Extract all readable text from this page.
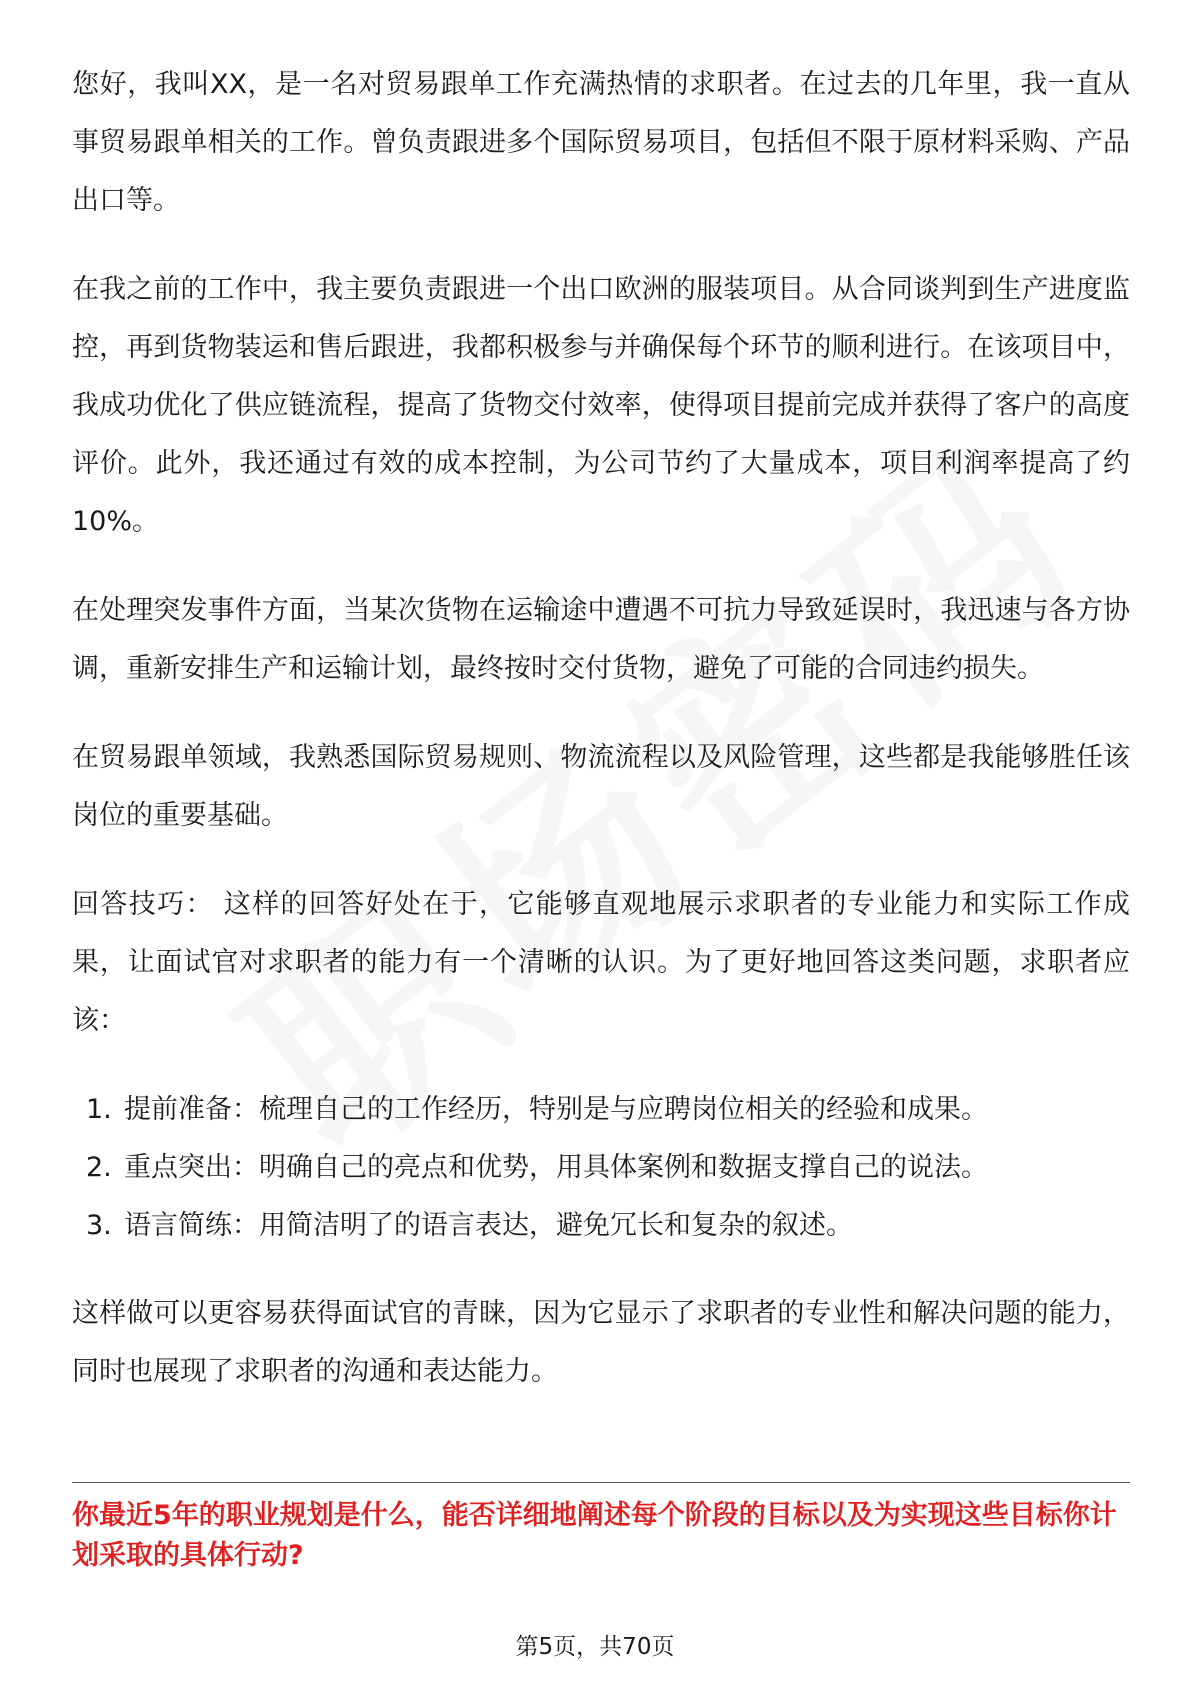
您好，我叫XX，是一名对贸易跟单工作充满热情的求职者。在过去的几年里，我一直从事贸易跟单相关的工作。曾负责跟进多个国际贸易项目，包括但不限于原材料采购、产品出口等。

在我之前的工作中，我主要负责跟进一个出口欧洲的服装项目。从合同谈判到生产进度监控，再到货物装运和售后跟进，我都积极参与并确保每个环节的顺利进行。在该项目中，我成功优化了供应链流程，提高了货物交付效率，使得项目提前完成并获得了客户的高度评价。此外，我还通过有效的成本控制，为公司节约了大量成本，项目利润率提高了约10%。

在处理突发事件方面，当某次货物在运输途中遭遇不可抗力导致延误时，我迅速与各方协调，重新安排生产和运输计划，最终按时交付货物，避免了可能的合同违约损失。

在贸易跟单领域，我熟悉国际贸易规则、物流流程以及风险管理，这些都是我能够胜任该岗位的重要基础。

回答技巧： 这样的回答好处在于，它能够直观地展示求职者的专业能力和实际工作成果，让面试官对求职者的能力有一个清晰的认识。为了更好地回答这类问题，求职者应该：

1. 提前准备：梳理自己的工作经历，特别是与应聘岗位相关的经验和成果。
2. 重点突出：明确自己的亮点和优势，用具体案例和数据支撑自己的说法。
3. 语言简练：用简洁明了的语言表达，避免冗长和复杂的叙述。

这样做可以更容易获得面试官的青睐，因为它显示了求职者的专业性和解决问题的能力，同时也展现了求职者的沟通和表达能力。

你最近5年的职业规划是什么，能否详细地阐述每个阶段的目标以及为实现这些目标你计划采取的具体行动?
第5页，共70页
